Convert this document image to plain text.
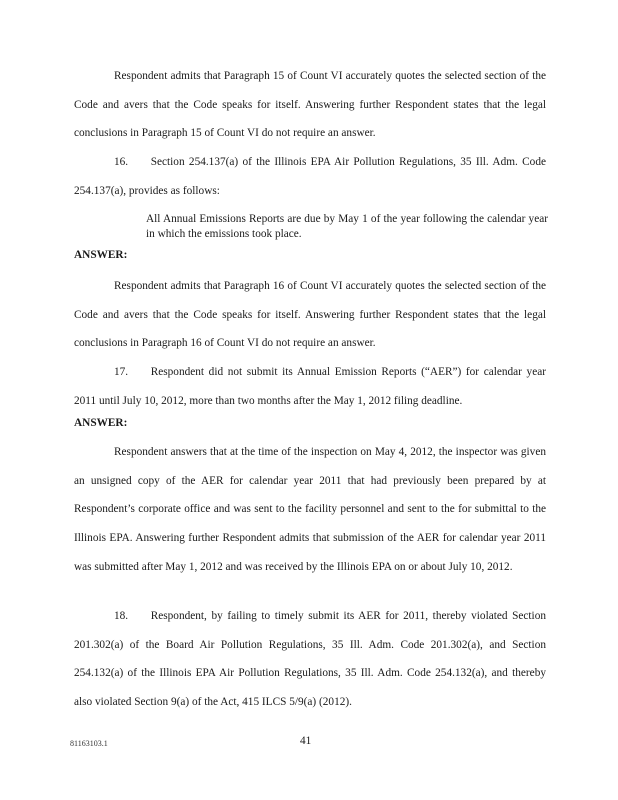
Respondent admits that Paragraph 15 of Count VI accurately quotes the selected section of the Code and avers that the Code speaks for itself. Answering further Respondent states that the legal conclusions in Paragraph 15 of Count VI do not require an answer.

16.  Section 254.137(a) of the Illinois EPA Air Pollution Regulations, 35 Ill. Adm. Code 254.137(a), provides as follows:

All Annual Emissions Reports are due by May 1 of the year following the calendar year in which the emissions took place.

ANSWER:

Respondent admits that Paragraph 16 of Count VI accurately quotes the selected section of the Code and avers that the Code speaks for itself. Answering further Respondent states that the legal conclusions in Paragraph 16 of Count VI do not require an answer.

17.  Respondent did not submit its Annual Emission Reports (“AER”) for calendar year 2011 until July 10, 2012, more than two months after the May 1, 2012 filing deadline.

ANSWER:

Respondent answers that at the time of the inspection on May 4, 2012, the inspector was given an unsigned copy of the AER for calendar year 2011 that had previously been prepared by at Respondent’s corporate office and was sent to the facility personnel and sent to the for submittal to the Illinois EPA. Answering further Respondent admits that submission of the AER for calendar year 2011 was submitted after May 1, 2012 and was received by the Illinois EPA on or about July 10, 2012.

18.  Respondent, by failing to timely submit its AER for 2011, thereby violated Section 201.302(a) of the Board Air Pollution Regulations, 35 Ill. Adm. Code 201.302(a), and Section 254.132(a) of the Illinois EPA Air Pollution Regulations, 35 Ill. Adm. Code 254.132(a), and thereby also violated Section 9(a) of the Act, 415 ILCS 5/9(a) (2012).

81163103.1	41
